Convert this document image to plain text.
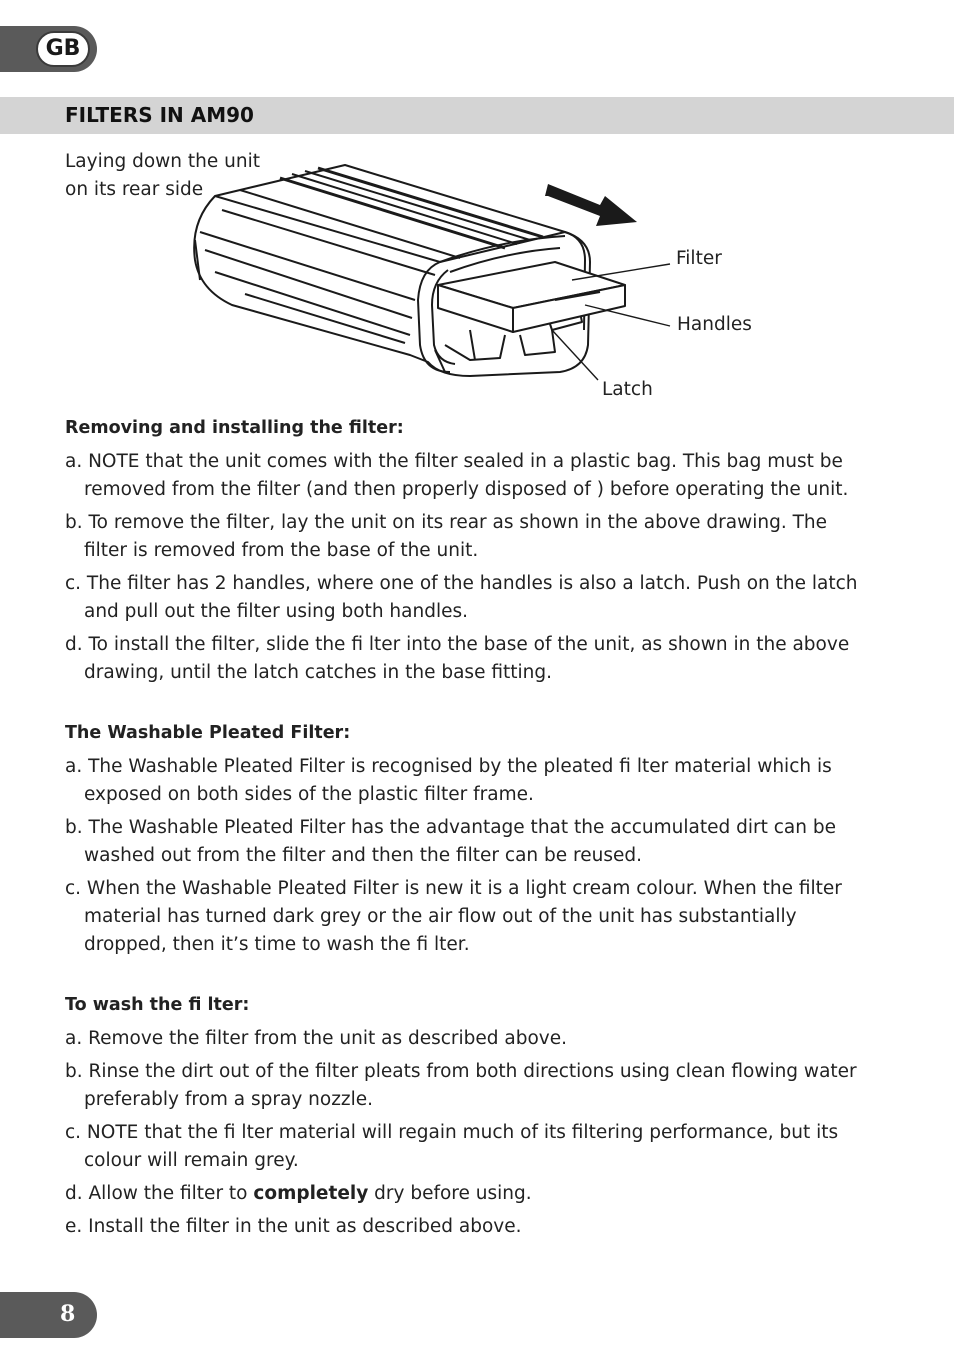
GB
FILTERS IN AM90
Laying down the unit
on its rear side
Filter
Handles
Latch
Removing and installing the filter:
a. NOTE that the unit comes with the filter sealed in a plastic bag. This bag must be removed from the filter (and then properly disposed of ) before operating the unit.
b. To remove the filter, lay the unit on its rear as shown in the above drawing. The filter is removed from the base of the unit.
c. The filter has 2 handles, where one of the handles is also a latch. Push on the latch and pull out the filter using both handles.
d. To install the filter, slide the fi lter into the base of the unit, as shown in the above drawing, until the latch catches in the base fitting.
The Washable Pleated Filter:
a. The Washable Pleated Filter is recognised by the pleated fi lter material which is exposed on both sides of the plastic filter frame.
b. The Washable Pleated Filter has the advantage that the accumulated dirt can be washed out from the filter and then the filter can be reused.
c. When the Washable Pleated Filter is new it is a light cream colour. When the filter material has turned dark grey or the air flow out of the unit has substantially dropped, then it’s time to wash the fi lter.
To wash the fi lter:
a. Remove the filter from the unit as described above.
b. Rinse the dirt out of the filter pleats from both directions using clean flowing water preferably from a spray nozzle.
c. NOTE that the fi lter material will regain much of its filtering performance, but its colour will remain grey.
d. Allow the filter to completely dry before using.
e. Install the filter in the unit as described above.
8
